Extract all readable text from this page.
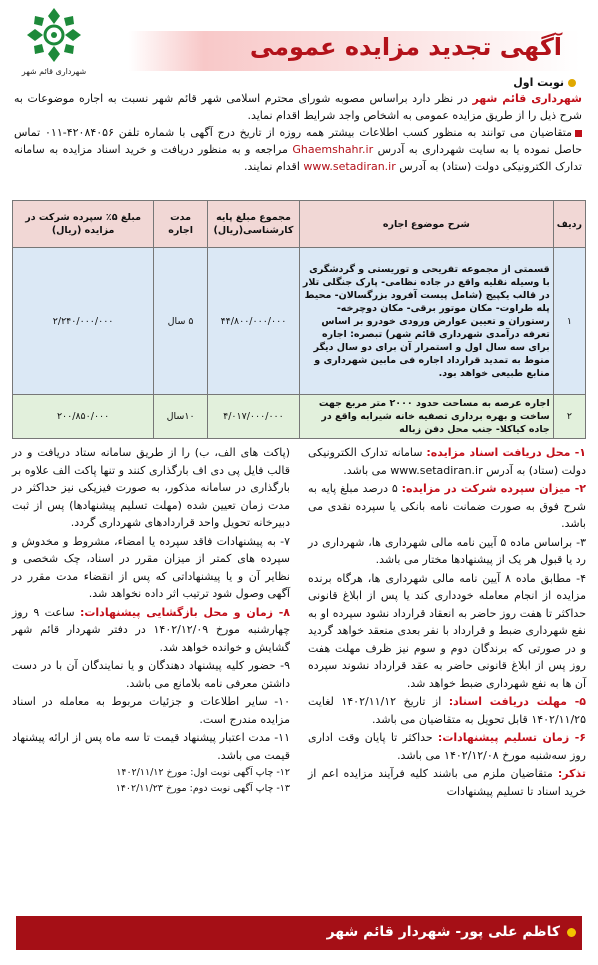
شهرداری قائم شهر
آگهی تجدید مزایده عمومی
نوبت اول

شهرداری قائم شهر در نظر دارد براساس مصوبه شورای محترم اسلامی شهر قائم شهر نسبت به اجاره موضوعات به شرح ذیل را از طریق مزایده عمومی به اشخاص واجد شرایط اقدام نماید.

متقاضیان می توانند به منظور کسب اطلاعات بیشتر همه روزه از تاریخ درج آگهی با شماره تلفن ۴۲۰۸۴۰۵۶-۰۱۱ تماس حاصل نموده یا به سایت شهرداری به آدرس Ghaemshahr.ir مراجعه و به منظور دریافت و خرید اسناد مزایده به سامانه تدارک الکترونیکی دولت (ستاد) به آدرس www.setadiran.ir اقدام نمایند.

ردیف	شرح موضوع اجاره	مجموع مبلغ پایه کارشناسی(ریال)	مدت اجاره	مبلغ ۵٪ سپرده شرکت در مزایده (ریال)
۱	قسمتی از مجموعه تفریحی و توریستی و گردشگری با وسیله نقلیه واقع در جاده نظامی- پارک جنگلی تلار در قالب یکپیج (شامل پیست آفرود بزرگسالان- محیط پله طراوت- مکان موتور برقی- مکان دوچرخه- رستوران و تعیین عوارض ورودی خودرو بر اساس تعرفه درآمدی شهرداری قائم شهر) تبصره: اجاره برای سه سال اول و استمرار آن برای دو سال دیگر منوط به تمدید قرارداد اجاره فی مابین شهرداری و منابع طبیعی خواهد بود.	۴۴/۸۰۰/۰۰۰/۰۰۰	۵ سال	۲/۲۴۰/۰۰۰/۰۰۰
۲	اجاره عرصه به مساحت حدود ۲۰۰۰ متر مربع جهت ساخت و بهره برداری تصفیه خانه شیرابه واقع در جاده کیاکلا- جنب محل دفن زباله	۴/۰۱۷/۰۰۰/۰۰۰	۱۰سال	۲۰۰/۸۵۰/۰۰۰

۱- محل دریافت اسناد مزایده: سامانه تدارک الکترونیکی دولت (ستاد) به آدرس www.setadiran.ir می باشد.

۲- میزان سپرده شرکت در مزایده: ۵ درصد مبلغ پایه به شرح فوق به صورت ضمانت نامه بانکی یا سپرده نقدی می باشد.

۳- براساس ماده ۵ آیین نامه مالی شهرداری ها، شهرداری در رد یا قبول هر یک از پیشنهادها مختار می باشد.

۴- مطابق ماده ۸ آیین نامه مالی شهرداری ها، هرگاه برنده مزایده از انجام معامله خودداری کند یا پس از ابلاغ قانونی حداکثر تا هفت روز حاضر به انعقاد قرارداد نشود سپرده او به نفع شهرداری ضبط و قرارداد با نفر بعدی منعقد خواهد گردید و در صورتی که برندگان دوم و سوم نیز ظرف مهلت هفت روز پس از ابلاغ قانونی حاضر به عقد قرارداد نشوند سپرده آن ها به نفع شهرداری ضبط خواهد شد.

۵- مهلت دریافت اسناد: از تاریخ ۱۴۰۲/۱۱/۱۲ لغایت ۱۴۰۲/۱۱/۲۵ قابل تحویل به متقاضیان می باشد.

۶- زمان تسلیم پیشنهادات: حداکثر تا پایان وقت اداری روز سه‌شنبه مورخ ۱۴۰۲/۱۲/۰۸ می باشد.

تذکر: متقاضیان ملزم می باشند کلیه فرآیند مزایده اعم از خرید اسناد تا تسلیم پیشنهادات

(پاکت های الف، ب) را از طریق سامانه ستاد دریافت و در قالب فایل پی دی اف بارگذاری کنند و تنها پاکت الف علاوه بر بارگذاری در سامانه مذکور، به صورت فیزیکی نیز حداکثر در مدت زمان تعیین شده (مهلت تسلیم پیشنهادها) پس از ثبت دبیرخانه تحویل واحد قراردادهای شهرداری گردد.

۷- به پیشنهادات فاقد سپرده یا امضاء، مشروط و مخدوش و سپرده های کمتر از میزان مقرر در اسناد، چک شخصی و نظایر آن و یا پیشنهاداتی که پس از انقضاء مدت مقرر در آگهی وصول شود ترتیب اثر داده نخواهد شد.

۸- زمان و محل بازگشایی پیشنهادات: ساعت ۹ روز چهارشنبه مورخ ۱۴۰۲/۱۲/۰۹ در دفتر شهردار قائم شهر گشایش و خوانده خواهد شد.

۹- حضور کلیه پیشنهاد دهندگان و یا نمایندگان آن با در دست داشتن معرفی نامه بلامانع می باشد.

۱۰- سایر اطلاعات و جزئیات مربوط به معامله در اسناد مزایده مندرج است.

۱۱- مدت اعتبار پیشنهاد قیمت تا سه ماه پس از ارائه پیشنهاد قیمت می باشد.

۱۲- چاپ آگهی نوبت اول: مورخ ۱۴۰۲/۱۱/۱۲

۱۳- چاپ آگهی نوبت دوم: مورخ ۱۴۰۲/۱۱/۲۳

کاظم علی پور- شهردار قائم شهر
